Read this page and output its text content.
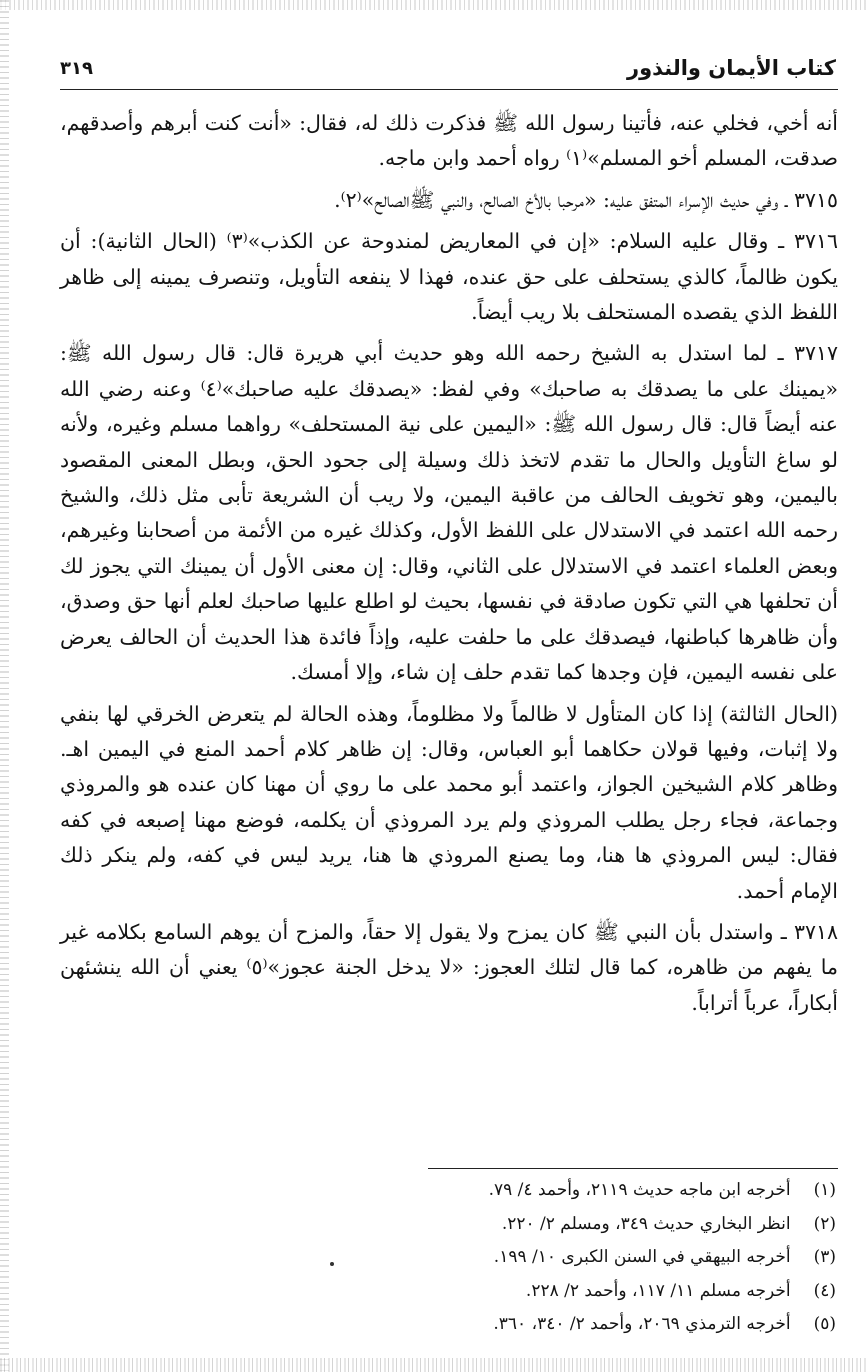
كتاب الأيمان والنذور
٣١٩

أنه أخي، فخلي عنه، فأتينا رسول الله ﷺ فذكرت ذلك له، فقال: «أنت كنت أبرهم وأصدقهم، صدقت، المسلم أخو المسلم»⁽١⁾ رواه أحمد وابن ماجه.

٣٧١٥ ـ وفي حديث الإسراء المتفق عليه: «مرحبا بالأخ الصالح، والنبي ﷺالصالح»⁽٢⁾.

٣٧١٦ ـ وقال عليه السلام: «إن في المعاريض لمندوحة عن الكذب»⁽٣⁾ (الحال الثانية): أن يكون ظالماً، كالذي يستحلف على حق عنده، فهذا لا ينفعه التأويل، وتنصرف يمينه إلى ظاهر اللفظ الذي يقصده المستحلف بلا ريب أيضاً.

٣٧١٧ ـ لما استدل به الشيخ رحمه الله وهو حديث أبي هريرة قال: قال رسول الله ﷺ: «يمينك على ما يصدقك به صاحبك» وفي لفظ: «يصدقك عليه صاحبك»⁽٤⁾ وعنه رضي الله عنه أيضاً قال: قال رسول الله ﷺ: «اليمين على نية المستحلف» رواهما مسلم وغيره، ولأنه لو ساغ التأويل والحال ما تقدم لاتخذ ذلك وسيلة إلى جحود الحق، وبطل المعنى المقصود باليمين، وهو تخويف الحالف من عاقبة اليمين، ولا ريب أن الشريعة تأبى مثل ذلك، والشيخ رحمه الله اعتمد في الاستدلال على اللفظ الأول، وكذلك غيره من الأئمة من أصحابنا وغيرهم، وبعض العلماء اعتمد في الاستدلال على الثاني، وقال: إن معنى الأول أن يمينك التي يجوز لك أن تحلفها هي التي تكون صادقة في نفسها، بحيث لو اطلع عليها صاحبك لعلم أنها حق وصدق، وأن ظاهرها كباطنها، فيصدقك على ما حلفت عليه، وإذاً فائدة هذا الحديث أن الحالف يعرض على نفسه اليمين، فإن وجدها كما تقدم حلف إن شاء، وإلا أمسك.

(الحال الثالثة) إذا كان المتأول لا ظالماً ولا مظلوماً، وهذه الحالة لم يتعرض الخرقي لها بنفي ولا إثبات، وفيها قولان حكاهما أبو العباس، وقال: إن ظاهر كلام أحمد المنع في اليمين اهـ. وظاهر كلام الشيخين الجواز، واعتمد أبو محمد على ما روي أن مهنا كان عنده هو والمروذي وجماعة، فجاء رجل يطلب المروذي ولم يرد المروذي أن يكلمه، فوضع مهنا إصبعه في كفه فقال: ليس المروذي ها هنا، وما يصنع المروذي ها هنا، يريد ليس في كفه، ولم ينكر ذلك الإمام أحمد.

٣٧١٨ ـ واستدل بأن النبي ﷺ كان يمزح ولا يقول إلا حقاً، والمزح أن يوهم السامع بكلامه غير ما يفهم من ظاهره، كما قال لتلك العجوز: «لا يدخل الجنة عجوز»⁽٥⁾ يعني أن الله ينشئهن أبكاراً، عرباً أتراباً.

(١) أخرجه ابن ماجه حديث ٢١١٩، وأحمد ٤/ ٧٩.
(٢) انظر البخاري حديث ٣٤٩، ومسلم ٢/ ٢٢٠.
(٣) أخرجه البيهقي في السنن الكبرى ١٠/ ١٩٩.
(٤) أخرجه مسلم ١١/ ١١٧، وأحمد ٢/ ٢٢٨.
(٥) أخرجه الترمذي ٢٠٦٩، وأحمد ٢/ ٣٤٠، ٣٦٠.
